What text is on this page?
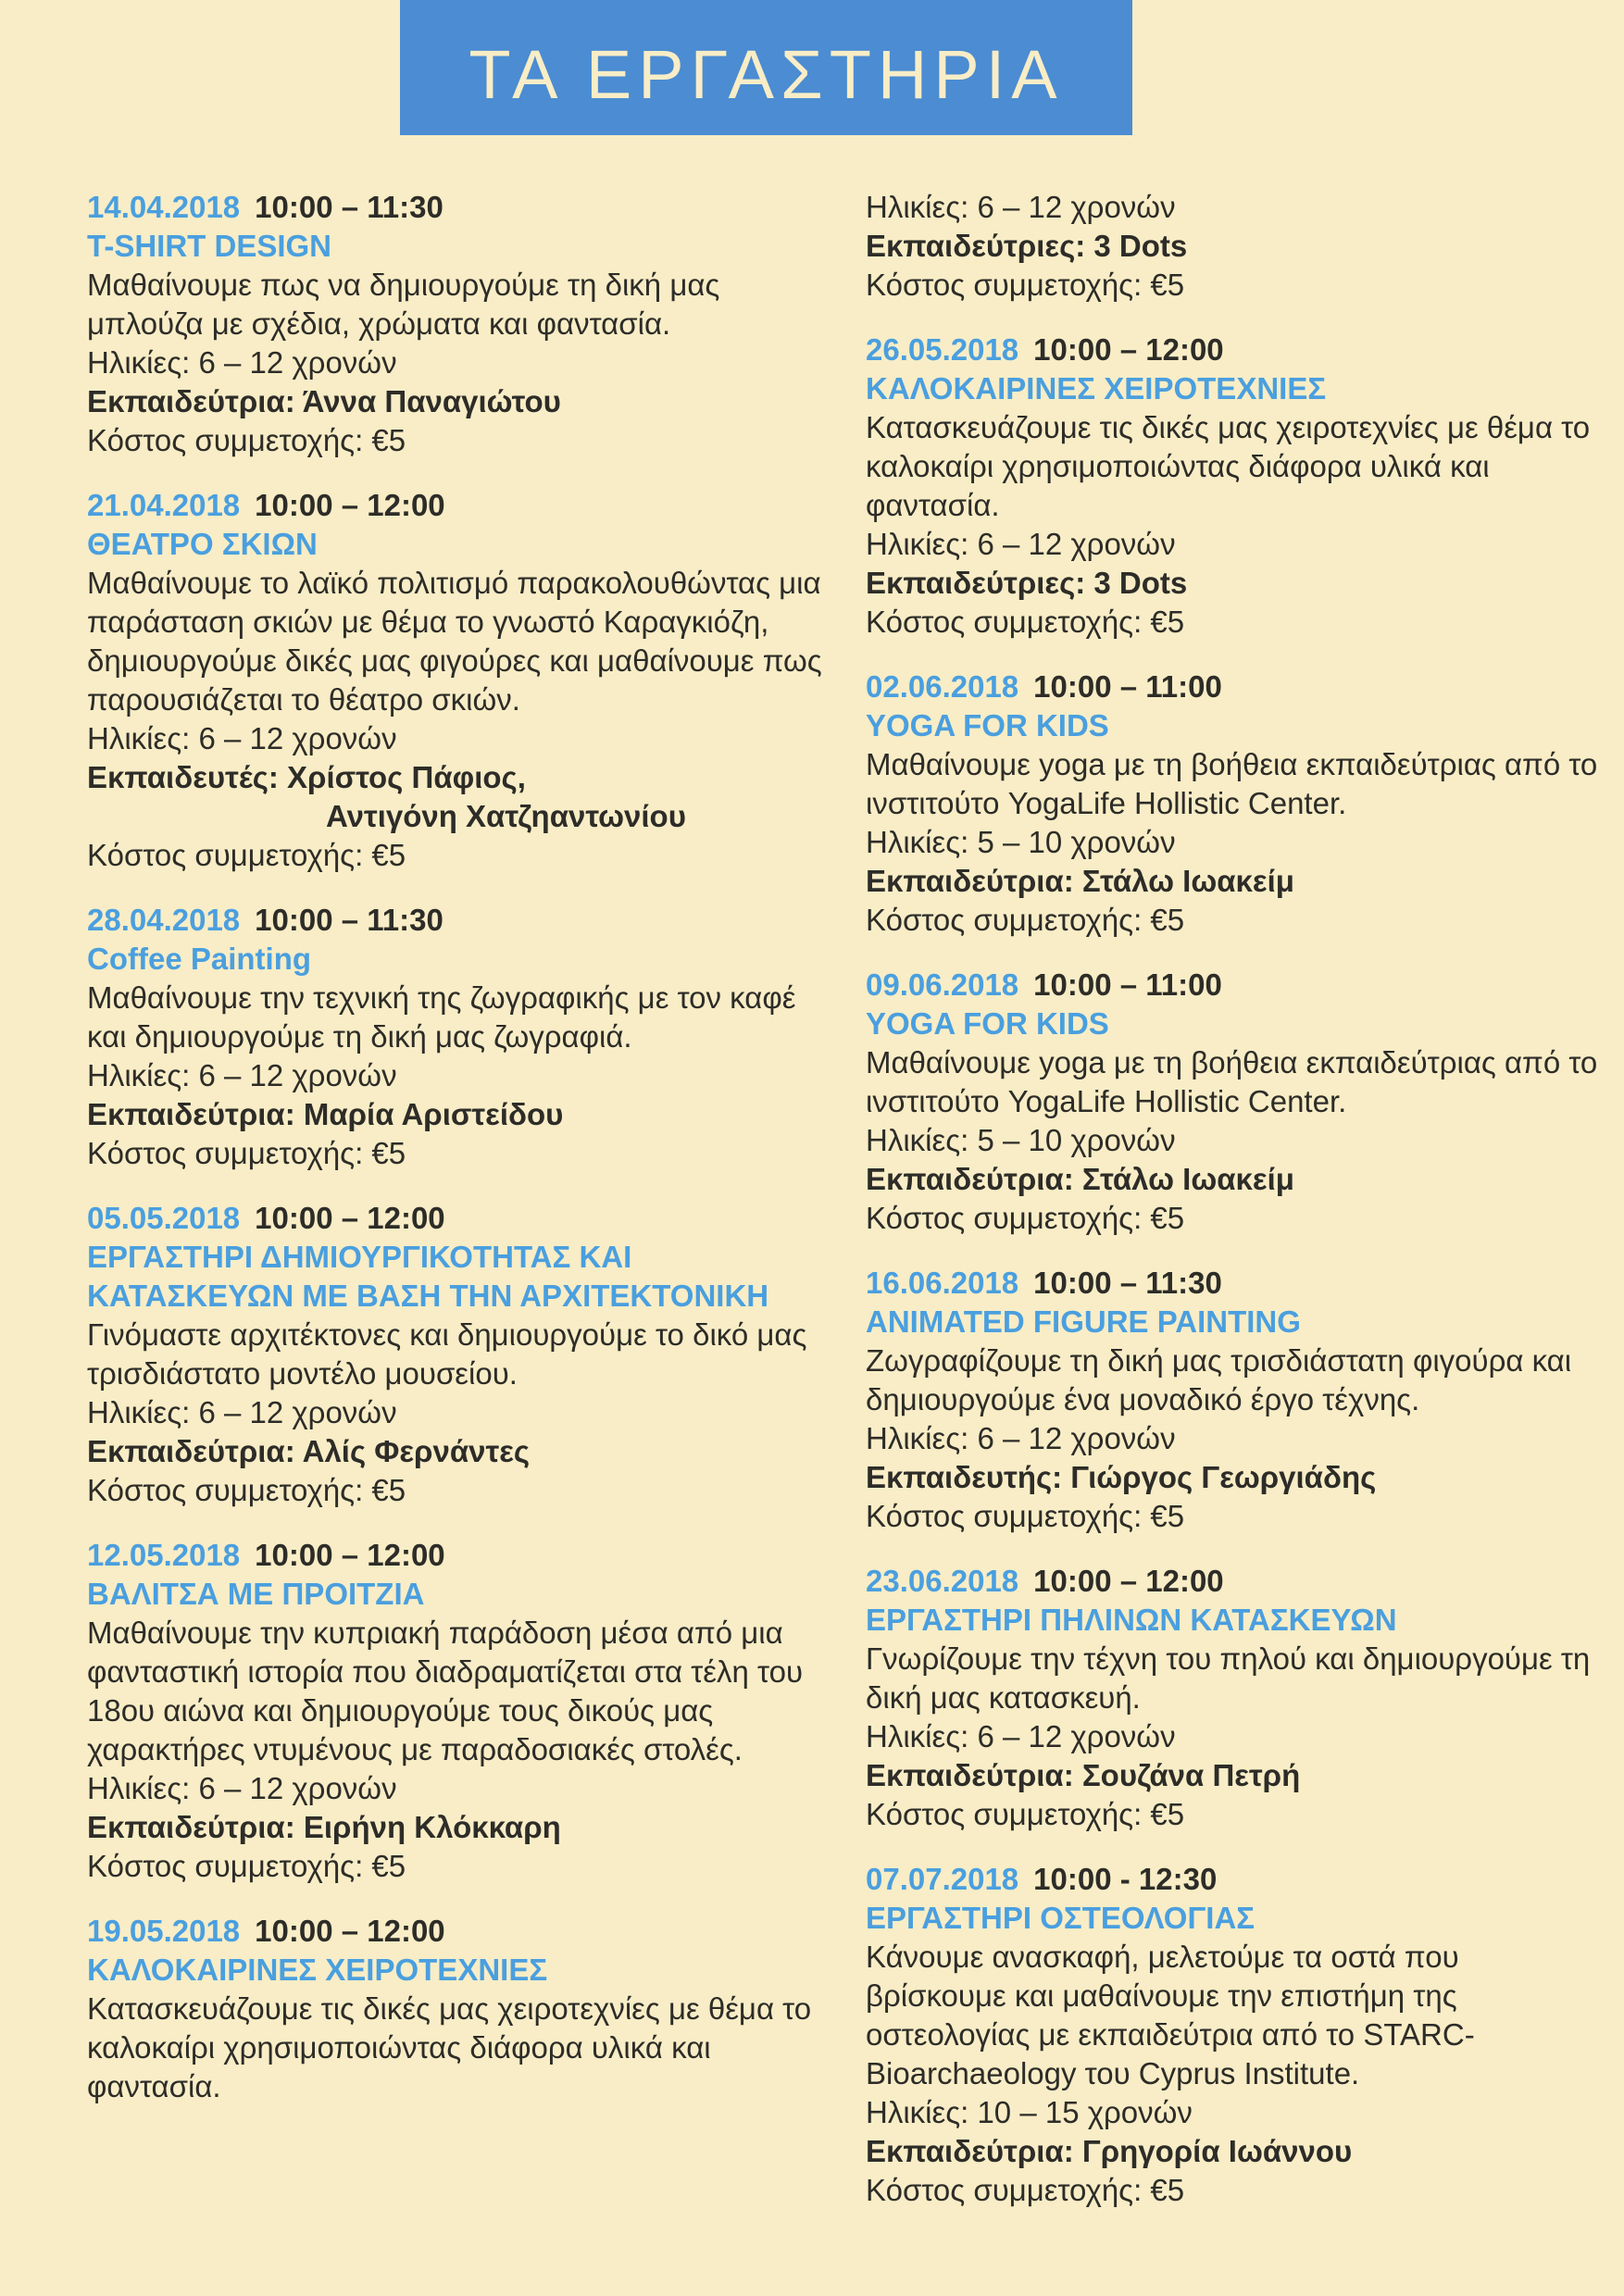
ΤΑ ΕΡΓΑΣΤΗΡΙΑ
14.04.2018 10:00 – 11:30
T-SHIRT DESIGN

Μαθαίνουμε πως να δημιουργούμε τη δική μας μπλούζα με σχέδια, χρώματα και φαντασία.

Ηλικίες: 6 – 12 χρονών

Εκπαιδεύτρια: Άννα Παναγιώτου

Κόστος συμμετοχής: €5

21.04.2018 10:00 – 12:00
ΘΕΑΤΡΟ ΣΚΙΩΝ

Μαθαίνουμε το λαϊκό πολιτισμό παρακολουθώντας μια παράσταση σκιών με θέμα το γνωστό Καραγκιόζη, δημιουργούμε δικές μας φιγούρες και μαθαίνουμε πως παρουσιάζεται το θέατρο σκιών.

Ηλικίες: 6 – 12 χρονών

Εκπαιδευτές: Χρίστος Πάφιος,

Αντιγόνη Χατζηαντωνίου

Κόστος συμμετοχής: €5

28.04.2018 10:00 – 11:30
Coffee Painting

Μαθαίνουμε την τεχνική της ζωγραφικής με τον καφέ και δημιουργούμε τη δική μας ζωγραφιά.

Ηλικίες: 6 – 12 χρονών

Εκπαιδεύτρια: Μαρία Αριστείδου

Κόστος συμμετοχής: €5

05.05.2018 10:00 – 12:00
ΕΡΓΑΣΤΗΡΙ ΔΗΜΙΟΥΡΓΙΚΟΤΗΤΑΣ ΚΑΙ ΚΑΤΑΣΚΕΥΩΝ ΜΕ ΒΑΣΗ ΤΗΝ ΑΡΧΙΤΕΚΤΟΝΙΚΗ

Γινόμαστε αρχιτέκτονες και δημιουργούμε το δικό μας τρισδιάστατο μοντέλο μουσείου.

Ηλικίες: 6 – 12 χρονών

Εκπαιδεύτρια: Αλίς Φερνάντες

Κόστος συμμετοχής: €5

12.05.2018 10:00 – 12:00
ΒΑΛΙΤΣΑ ΜΕ ΠΡΟΙΤΖΙΑ

Μαθαίνουμε την κυπριακή παράδοση μέσα από μια φανταστική ιστορία που διαδραματίζεται στα τέλη του 18ου αιώνα και δημιουργούμε τους δικούς μας χαρακτήρες ντυμένους με παραδοσιακές στολές.

Ηλικίες: 6 – 12 χρονών

Εκπαιδεύτρια: Ειρήνη Κλόκκαρη

Κόστος συμμετοχής: €5

19.05.2018 10:00 – 12:00
ΚΑΛΟΚΑΙΡΙΝΕΣ ΧΕΙΡΟΤΕΧΝΙΕΣ

Κατασκευάζουμε τις δικές μας χειροτεχνίες με θέμα το καλοκαίρι χρησιμοποιώντας διάφορα υλικά και φαντασία.

Ηλικίες: 6 – 12 χρονών

Εκπαιδεύτριες: 3 Dots

Κόστος συμμετοχής: €5

26.05.2018 10:00 – 12:00
ΚΑΛΟΚΑΙΡΙΝΕΣ ΧΕΙΡΟΤΕΧΝΙΕΣ

Κατασκευάζουμε τις δικές μας χειροτεχνίες με θέμα το καλοκαίρι χρησιμοποιώντας διάφορα υλικά και φαντασία.

Ηλικίες: 6 – 12 χρονών

Εκπαιδεύτριες: 3 Dots

Κόστος συμμετοχής: €5

02.06.2018 10:00 – 11:00
YOGA FOR KIDS

Μαθαίνουμε yoga με τη βοήθεια εκπαιδεύτριας από το ινστιτούτο YogaLife Hollistic Center.

Ηλικίες: 5 – 10 χρονών

Εκπαιδεύτρια: Στάλω Ιωακείμ

Κόστος συμμετοχής: €5

09.06.2018 10:00 – 11:00
YOGA FOR KIDS

Μαθαίνουμε yoga με τη βοήθεια εκπαιδεύτριας από το ινστιτούτο YogaLife Hollistic Center.

Ηλικίες: 5 – 10 χρονών

Εκπαιδεύτρια: Στάλω Ιωακείμ

Κόστος συμμετοχής: €5

16.06.2018 10:00 – 11:30
ANIMATED FIGURE PAINTING

Ζωγραφίζουμε τη δική μας τρισδιάστατη φιγούρα και δημιουργούμε ένα μοναδικό έργο τέχνης.

Ηλικίες: 6 – 12 χρονών

Εκπαιδευτής: Γιώργος Γεωργιάδης

Κόστος συμμετοχής: €5

23.06.2018 10:00 – 12:00
ΕΡΓΑΣΤΗΡΙ ΠΗΛΙΝΩΝ ΚΑΤΑΣΚΕΥΩΝ

Γνωρίζουμε την τέχνη του πηλού και δημιουργούμε τη δική μας κατασκευή.

Ηλικίες: 6 – 12 χρονών

Εκπαιδεύτρια: Σουζάνα Πετρή

Κόστος συμμετοχής: €5

07.07.2018 10:00 - 12:30
ΕΡΓΑΣΤΗΡΙ ΟΣΤΕΟΛΟΓΙΑΣ

Κάνουμε ανασκαφή, μελετούμε τα οστά που βρίσκουμε και μαθαίνουμε την επιστήμη της οστεολογίας με εκπαιδεύτρια από το STARC-Bioarchaeology του Cyprus Institute.

Ηλικίες: 10 – 15 χρονών

Εκπαιδεύτρια: Γρηγορία Ιωάννου

Κόστος συμμετοχής: €5
